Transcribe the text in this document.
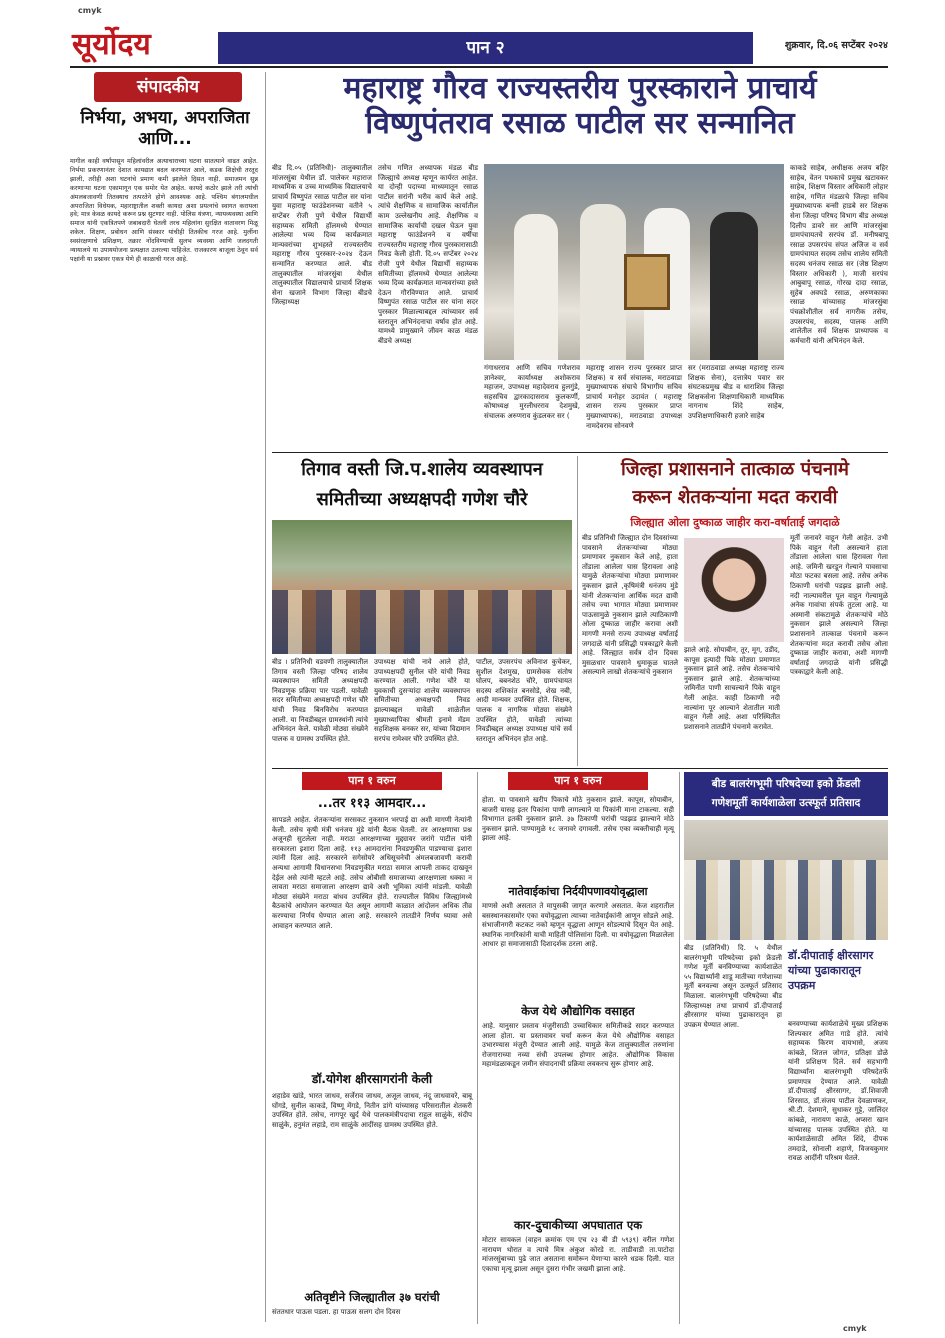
cmyk
cmyk
सूर्योदय	पान २	शुक्रवार, दि.०६ सप्टेंबर २०२४
संपादकीय
निर्भया, अभया, अपराजिता आणि...
मागील काही वर्षांपासून महिलांवरील अत्याचाराच्या घटना सातत्याने वाढत आहेत. निर्भया प्रकरणानंतर देशात कायद्यात बदल करण्यात आले, कडक शिक्षेची तरतूद झाली, तरीही अशा घटनांचे प्रमाण कमी झालेले दिसत नाही. समाजमन सुन्न करणाऱ्या घटना एकामागून एक समोर येत आहेत. कायदे कठोर झाले तरी त्यांची अंमलबजावणी तितक्याच तत्परतेने होणे आवश्यक आहे. पश्चिम बंगालमधील अपराजिता विधेयक, महाराष्ट्रातील शक्ती कायदा अशा प्रयत्नांचे स्वागत करायला हवे; मात्र केवळ कायदे करून प्रश्न सुटणार नाही. पोलिस यंत्रणा, न्यायव्यवस्था आणि समाज यांनी एकत्रितपणे जबाबदारी घेतली तरच महिलांना सुरक्षित वातावरण मिळू शकेल. शिक्षण, प्रबोधन आणि संस्कार यांचीही तितकीच गरज आहे. मुलींना स्वसंरक्षणाचे प्रशिक्षण, तक्रार नोंदविण्याची सुलभ व्यवस्था आणि जलदगती न्यायालये या उपाययोजना प्रत्यक्षात उतरल्या पाहिजेत. राजकारण बाजूला ठेवून सर्व पक्षांनी या प्रश्नावर एकत्र येणे ही काळाची गरज आहे.
महाराष्ट्र गौरव राज्यस्तरीय पुरस्काराने प्राचार्य
विष्णुपंतराव रसाळ पाटील सर सन्मानित
बीड दि.०५ (प्रतिनिधी)- तालुक्यातील मांजरसुंबा येथील डॉ. पालेकर महाराज माध्यमिक व उच्च माध्यमिक विद्यालयाचे प्राचार्य विष्णुपंत रसाळ पाटील सर यांना युवा महाराष्ट्र फाउंडेशनच्या वतीने ५ सप्टेंबर रोजी पुणे येथील विद्यार्थी सहाय्यक समिती हॉलमध्ये घेण्यात आलेल्या भव्य दिव्य कार्यक्रमात मान्यवरांच्या शुभहस्ते राज्यस्तरीय महाराष्ट्र गौरव पुरस्कार-२०२४ देऊन सन्मानित करण्यात आले. बीड तालुक्यातील मांजरसुंबा येथील तालुक्यातील विद्यालयाचे प्राचार्य शिक्षक सेना खजाने विभाग जिल्हा बीडचे जिल्हाध्यक्ष
तसेच गणित अध्यापक मंडळ बीड जिल्ह्याचे अध्यक्ष म्हणून कार्यरत आहेत. या दोन्ही पदाच्या माध्यमातून रसाळ पाटील सरांनी भरीव कार्य केले आहे. त्यांचे शैक्षणिक व सामाजिक कार्यातील काम उल्लेखनीय आहे. शैक्षणिक व सामाजिक कार्याची दखल घेऊन युवा महाराष्ट्र फाउंडेशनने व वर्षीचा राज्यस्तरीय महाराष्ट्र गौरव पुरस्कारासाठी निवड केली होती. दि.०५ सप्टेंबर २०२४ रोजी पुणे येथील विद्यार्थी सहाय्यक समितीच्या हॉलमध्ये घेण्यात आलेल्या भव्य दिव्य कार्यक्रमात मान्यवरांच्या हस्ते देऊन गौरविण्यात आले. प्राचार्य विष्णुपंत रसाळ पाटील सर यांना सदर पुरस्कार मिळाल्याबद्दल त्यांच्यावर सर्व स्तरातून अभिनंदनाचा वर्षाव होत आहे. यामध्ये प्रामुख्याने जीवन काळ मंडळ बीडचे अध्यक्ष
गंगाधरराव आणि सचिव गणेशराव ज्ञानेश्वर, कार्याध्यक्ष अशोकराव महाजन, उपाध्यक्ष महादेवराव हुलगुंडे, सहसचिव द्वारकादासराव कुलकर्णी, कोषाध्यक्ष मुरलीधरराव देशमुखे, संचालक अरुणराव कुंडलकर सर (
महाराष्ट्र शासन राज्य पुरस्कार प्राप्त शिक्षक) व सर्व संचालक, मराठवाडा मुख्याध्यापक संघाचे विभागीय सचिव प्राचार्य मनोहर उदावंत ( महाराष्ट्र शासन राज्य पुरस्कार प्राप्त मुख्याध्यापक), मराठवाडा उपाध्यक्ष नामदेवराव सोनवणे
सर (मराठवाडा अध्यक्ष महाराष्ट्र राज्य शिक्षक सेना), दत्तात्रेय पवार सर संघटकप्रमुख बीड व धाराशिव जिल्हा शिक्षकसेना शिक्षणाधिकारी माध्यमिक नागनाथ शिंदे साहेब, उपशिक्षणाधिकारी हजारे साहेब
काकडे साहेब, अधीक्षक अजय बहिर साहेब, वेतन पथकाचे प्रमुख खटावकर साहेब, शिक्षण विस्तार अधिकारी लोहार साहेब, गणित मंडळाचे जिल्हा सचिव मुख्याध्यापक बन्सी हाडबे सर शिक्षक सेना जिल्हा परिषद विभाग बीड अध्यक्ष दिलीप डावरे सर आणि मांजरसुंबा ग्रामपंचायतचे सरपंच डॉ. मनीषबापू रसाळ उपसरपंच संपत अजिज व सर्व ग्रामपंचायत सदस्य तसेच शालेय समिती सदस्य धनंजय रसाळ सर (जेष्ठ शिक्षण विस्तार अधिकारी ), माजी सरपंच आबुबापू रसाळ, गोरख दादा रसाळ, सुहेब अवघडे रसाळ, अरुणकाका रसाळ यांच्यासह मांजरसुंबा पंचक्रोशीतील सर्व नागरीक तसेच, उपसरपंच, सदस्य, पालक आणि शालेतील सर्व शिक्षक प्राध्यापक व कर्मचारी यांनी अभिनंदन केले.
तिगाव वस्ती जि.प.शालेय व्यवस्थापन
समितीच्या अध्यक्षपदी गणेश चौरे
बीड । प्रतिनिधी वडवणी तालुक्यातील तिगाव वस्ती जिल्हा परिषद शालेय व्यवस्थापन समिती अध्यक्षपदी निवडणूक प्रक्रिया पार पडली. यावेळी सदर समितीच्या अध्यक्षपदी गणेश चौरे यांची निवड बिनविरोध करण्यात आली. या निवडीबद्दल ग्रामस्थांनी त्यांचे अभिनंदन केले. यावेळी मोठ्या संख्येने पालक व ग्रामस्थ उपस्थित होते.
उपाध्यक्ष यांची नावे आले होते, उपाध्यक्षपदी सुनील चोरे यांची निवड करण्यात आली. गणेश चौरे या युवकाची दुसऱ्यांदा शालेय व्यवस्थापन समितीच्या अध्यक्षपदी निवड झाल्याबद्दल यावेळी शाळेतील मुख्याध्यापिका श्रीमती इनामे मॅडम सहशिक्षक बनकर सर, यांच्या विद्यमान सरपंच रामेश्वर चौरे उपस्थित होते.
पाटील, उपसरपंच अविनाश कुचेकर, सुशील देशमुख, ग्रामसेवक संतोष घोलप, बबनशेठ चौरे, ग्रामपंचायत सदस्य शशिकांत बनसोडे, शेख नबी, आदी मान्यवर उपस्थित होते. शिक्षक, पालक व नागरिक मोठ्या संख्येने उपस्थित होते, यावेळी त्यांच्या निवडीबद्दल अध्यक्ष उपाध्यक्ष यांचे सर्व स्तरातून अभिनंदन होत आहे.
जिल्हा प्रशासनाने तात्काळ पंचनामे
करून शेतकऱ्यांना मदत करावी
जिल्ह्यात ओला दुष्काळ जाहीर करा-वर्षाताई जगदाळे
बीड प्रतिनिधी जिल्ह्यात दोन दिवसांच्या पावसाने शेतकऱ्यांच्या मोठ्या प्रमाणावर नुकसान केले आहे, हाता तोंडाला आलेला घास हिरावला आहे यामुळे शेतकऱ्यांचा मोठ्या प्रमाणावर नुकसान झाले ,कृषिमंत्री धनंजय मुंडे यांनी शेतकऱ्यांना आर्थिक मदत द्यावी तसेच ज्या भागात मोठ्या प्रमाणावर पाऊसामुळे नुकसान झाले त्याठिकाणी ओला दुष्काळ जाहीर करावा अशी मागणी मनसे राज्य उपाध्यक्ष वर्षाताई जगदाळे यांनी प्रसिद्धी पत्रकाद्वारे केली आहे. जिल्ह्यात सर्वत्र दोन दिवस मुसळधार पावसाने धुमाकूळ घातले असल्याने लाखो शेतकऱ्यांचे नुकसान
झाले आहे. सोयाबीन, तूर, मूग, उडीद, कापूस इत्यादी पिके मोठ्या प्रमाणात नुकसान झाले आहे. तसेच शेतकऱ्यांचे नुकसान झाले आहे. शेतकऱ्यांच्या जमिनीत पाणी साचल्याने पिके वाहून गेली आहेत. काही ठिकाणी नदी नाल्यांना पूर आल्याने शेतातील माती वाहून गेली आहे. अशा परिस्थितीत प्रशासनाने तातडीने पंचनामे करावेत.
मूर्ती जनावरे वाहून गेली आहेत. उभी पिके वाहून गेली असल्याने हाता तोंडाला आलेला घास हिरावला गेला आहे. जमिनी खरडून गेल्याने पावसाचा मोठा फटका बसला आहे. तसेच अनेक ठिकाणी घरांची पडझड झाली आहे. नदी नाल्यावरील पूल वाहून गेल्यामुळे अनेक गावांचा संपर्क तुटला आहे. या अस्मानी संकटामुळे शेतकऱ्यांचे मोठे नुकसान झाले असल्याने जिल्हा प्रशासनाने तात्काळ पंचनामे करून शेतकऱ्यांना मदत करावी तसेच ओला दुष्काळ जाहीर करावा, अशी मागणी वर्षाताई जगदाळे यांनी प्रसिद्धी पत्रकाद्वारे केली आहे.
पान १ वरुन
...तर ११३ आमदार...
सापडले आहेत. शेतकऱ्यांना सरसकट नुकसान भरपाई द्या अशी मागणी नेत्यांनी केली. तसेच कृषी मंत्री धनंजय मुंडे यांनी बैठक घेतली. तर आरक्षणाचा प्रश्न अजूनही सुटलेला नाही. मराठा आरक्षणाच्या मुद्द्यावर जरांगे पाटील यांनी सरकारला इशारा दिला आहे. ११३ आमदारांना निवडणुकीत पाडण्याचा इशारा त्यांनी दिला आहे. सरकारने सगेसोयरे अधिसूचनेची अंमलबजावणी करावी अन्यथा आगामी विधानसभा निवडणुकीत मराठा समाज आपली ताकद दाखवून देईल असे त्यांनी म्हटले आहे. तसेच ओबीसी समाजाच्या आरक्षणाला धक्का न लावता मराठा समाजाला आरक्षण द्यावे अशी भूमिका त्यांनी मांडली. यावेळी मोठ्या संख्येने मराठा बांधव उपस्थित होते. राज्यातील विविध जिल्ह्यांमध्ये बैठकांचे आयोजन करण्यात येत असून आगामी काळात आंदोलन अधिक तीव्र करण्याचा निर्णय घेण्यात आला आहे. सरकारने तातडीने निर्णय घ्यावा असे आवाहन करण्यात आले.
डॉ.योगेश क्षीरसागरांनी केली
शहाडेव खांडे, भारत जाधव, सर्जेराव जाधव, अजूल जाधव, नंदू जाधवावरे, बाबू घोंगडे, सुनील काकडे, विष्णू मेंगडे, नितीन डांगे यांच्यासह परिसरातील शेतकरी उपस्थित होते. तसेच, नागपूर खुर्द येथे पालकमंत्रीपदाचा राहुल साळुंके, संदीप साळुंके, हनुमंत लहाडे, राम साळुंके आदींसह ग्रामस्थ उपस्थित होते.
अतिवृष्टीने जिल्ह्यातील ३७ घरांची
संततधार पाऊस पडला. हा पाऊस सलग दोन दिवस
पान १ वरुन
होता. या पावसाने खरीप पिकाचे मोठे नुकसान झाले. कापूस, सोयाबीन, बाजरी यासह इतर पिकांना पाणी लागल्याने या पिकांनी माना टाकल्या. सही विभागात इतकी नुकसान झाले. ३७ ठिकाणी घरांची पडझड झाल्याने मोठे नुकसान झाले. पाण्यामुळे १८ जनावरे दगावली. तसेच एका व्यक्तीचाही मृत्यू झाला आहे.
नातेवाईकांचा निर्दयीपणावयोवृद्धाला
माणसे अशी असतात ते मापुसकी जागृत करणारे असतात. केज शहरातील बसस्थानकासमोर एका वयोवृद्धाला त्याच्या नातेवाईकांनी आणून सोडले आहे. संभाजीनगरी कटकट नको म्हणून वृद्धाला आणून सोडल्याचे दिसून येत आहे. स्थानिक नागरिकांनी याची माहिती पोलिसांना दिली. या वयोवृद्धाला मिळालेला आधार हा समाजासाठी दिशादर्शक ठरला आहे.
केज येथे औद्योगिक वसाहत
आहे. यानुसार प्रस्ताव मंजुरीसाठी उच्चाधिकार समितीकडे सादर करण्यात आला होता. या प्रस्तावावर चर्चा करून केज येथे औद्योगिक वसाहत उभारण्यास मंजुरी देण्यात आली आहे. यामुळे केज तालुक्यातील तरुणांना रोजगाराच्या नव्या संधी उपलब्ध होणार आहेत. औद्योगिक विकास महामंडळाकडून जमीन संपादनाची प्रक्रिया लवकरच सुरू होणार आहे.
कार-दुचाकीच्या अपघातात एक
मोटार सायकल (वाहन क्रमांक एम एच २३ बी डी ५९३९) वरील गणेश नारायण थोरात व त्याचे मित्र अंकुश कोरडे रा. ताडीवाडी ता.पाटोदा मांजरसुंबाच्या पुढे जात असताना समोरून येणाऱ्या कारने धडक दिली. यात एकाचा मृत्यू झाला असून दुसरा गंभीर जखमी झाला आहे.
बीड बालरंगभूमी परिषदेच्या इको फ्रेंडली
गणेशमूर्ती कार्यशाळेला उत्स्फूर्त प्रतिसाद
बीड (प्रतिनिधी) दि. ५ येथील बालरंगभूमी परिषदेच्या इको फ्रेंडली गणेश मूर्ती बनविण्याच्या कार्यशाळेत ५५ विद्यार्थ्यांनी शाडू मातीच्या गणेशाच्या मूर्ती बनवल्या असून उत्स्फूर्त प्रतिसाद मिळाला. बालरंगभूमी परिषदेच्या बीड जिल्हाध्यक्ष तथा प्राचार्य डॉ.दीपाताई क्षीरसागर यांच्या पुढाकारातून हा उपक्रम घेण्यात आला.
डॉ.दीपाताई क्षीरसागर यांच्या पुढाकारातून उपक्रम
बनवण्याच्या कार्यशाळेचे मुख्य प्रशिक्षक शिल्पकार अमित गाडे होते. त्यांचे सहाय्यक किरण वायभासे, अजय कांबळे, शितल जोगत, प्रतिक्षा डोळे यांनी प्रशिक्षण दिले. सर्व सहभागी विद्यार्थ्यांना बालरंगभूमी परिषदेतर्फे प्रमाणपत्र देण्यात आले. यावेळी डॉ.दीपाताई क्षीरसागर, डॉ.शिवाजी शिरसाठ, डॉ.संजय पाटील देवळाणकर, श्री.टी. देशमाने, सुधाकर गुट्टे, जालिंदर कांबळे, नारायण काळे, अप्सरा खान यांच्यासह पालक उपस्थित होते. या कार्यशाळेसाठी अमित शिंदे, दीपक तमदाडे, सोनाली शहाणे, विजयकुमार रावळ आदींनी परिश्रम घेतले.
